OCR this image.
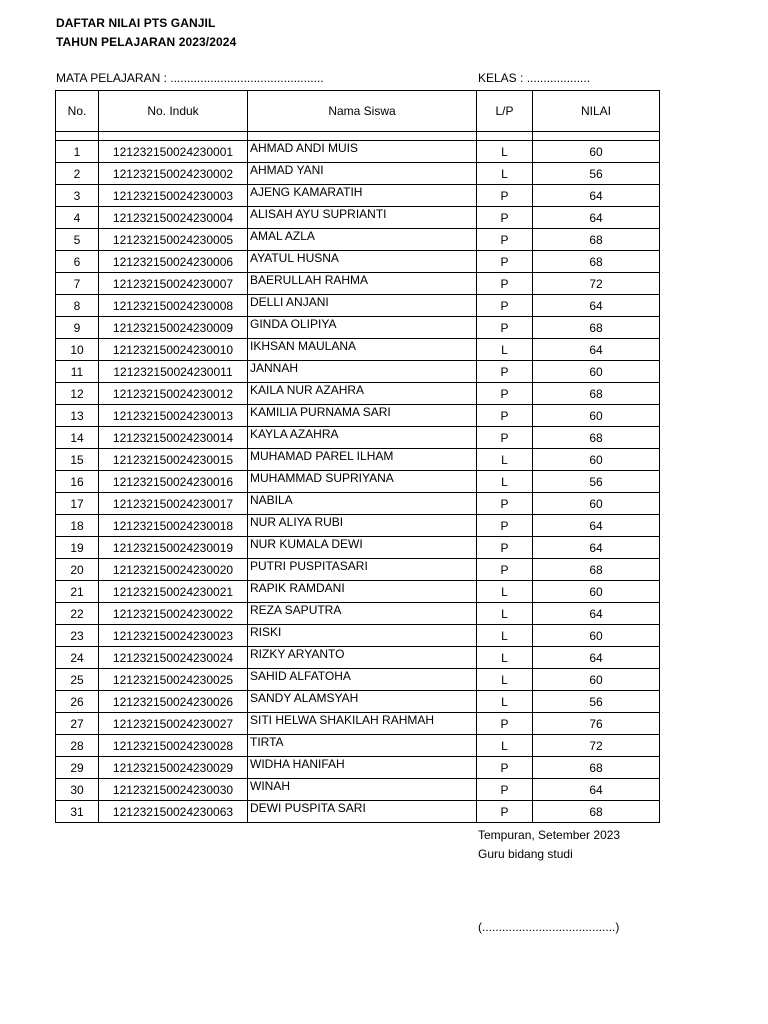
DAFTAR NILAI PTS GANJIL
TAHUN PELAJARAN 2023/2024
MATA PELAJARAN : ..............................................	KELAS : ...................
No.	No. Induk	Nama Siswa	L/P	NILAI

1	121232150024230001	AHMAD ANDI MUIS	L	60
2	121232150024230002	AHMAD YANI	L	56
3	121232150024230003	AJENG KAMARATIH	P	64
4	121232150024230004	ALISAH AYU SUPRIANTI	P	64
5	121232150024230005	AMAL AZLA	P	68
6	121232150024230006	AYATUL HUSNA	P	68
7	121232150024230007	BAERULLAH RAHMA	P	72
8	121232150024230008	DELLI ANJANI	P	64
9	121232150024230009	GINDA OLIPIYA	P	68
10	121232150024230010	IKHSAN MAULANA	L	64
11	121232150024230011	JANNAH	P	60
12	121232150024230012	KAILA NUR AZAHRA	P	68
13	121232150024230013	KAMILIA PURNAMA SARI	P	60
14	121232150024230014	KAYLA AZAHRA	P	68
15	121232150024230015	MUHAMAD PAREL ILHAM	L	60
16	121232150024230016	MUHAMMAD SUPRIYANA	L	56
17	121232150024230017	NABILA	P	60
18	121232150024230018	NUR ALIYA RUBI	P	64
19	121232150024230019	NUR KUMALA DEWI	P	64
20	121232150024230020	PUTRI PUSPITASARI	P	68
21	121232150024230021	RAPIK RAMDANI	L	60
22	121232150024230022	REZA SAPUTRA	L	64
23	121232150024230023	RISKI	L	60
24	121232150024230024	RIZKY ARYANTO	L	64
25	121232150024230025	SAHID ALFATOHA	L	60
26	121232150024230026	SANDY ALAMSYAH	L	56
27	121232150024230027	SITI HELWA SHAKILAH RAHMAH	P	76
28	121232150024230028	TIRTA	L	72
29	121232150024230029	WIDHA HANIFAH	P	68
30	121232150024230030	WINAH	P	64
31	121232150024230063	DEWI PUSPITA SARI	P	68
Tempuran, Setember 2023
Guru bidang studi
(........................................)
